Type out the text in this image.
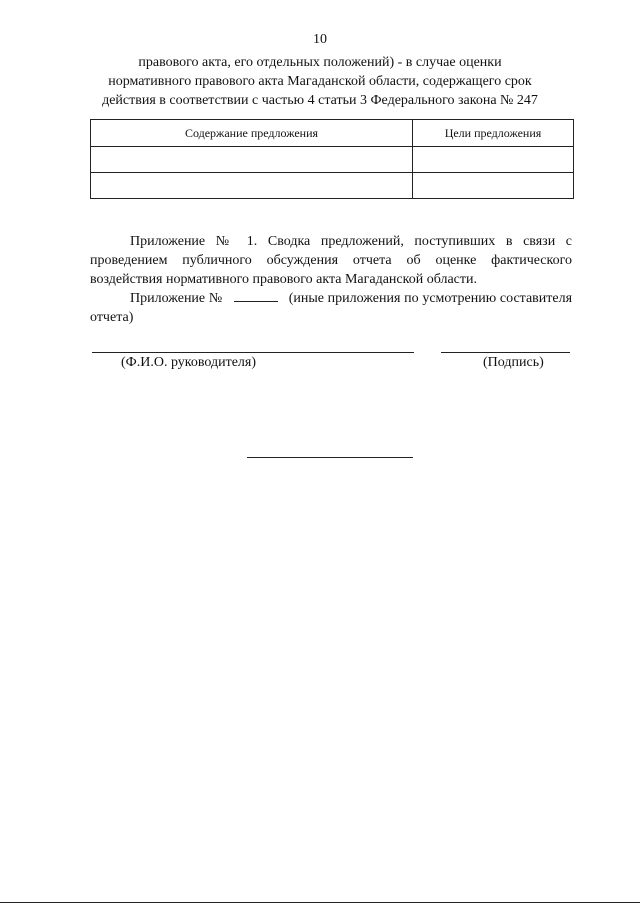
10
правового акта, его отдельных положений) - в случае оценки
нормативного правового акта Магаданской области, содержащего срок
действия в соответствии с частью 4 статьи 3 Федерального закона № 247
Содержание предложения	Цели предложения

Приложение № 1. Сводка предложений, поступивших в связи с проведением публичного обсуждения отчета об оценке фактического воздействия нормативного правового акта Магаданской области.

Приложение №	(иные приложения по усмотрению составителя отчета)

(Ф.И.О. руководителя)	(Подпись)
